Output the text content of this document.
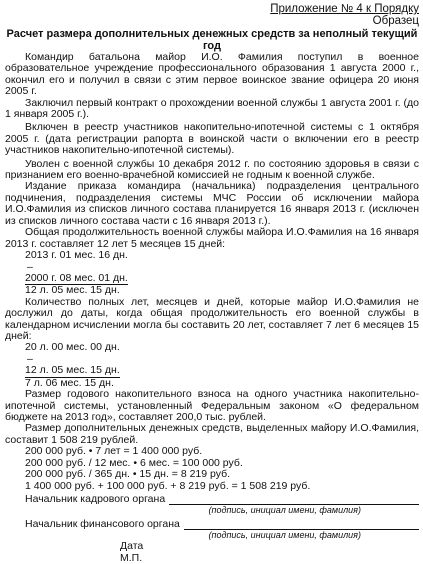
Приложение № 4 к Порядку
Образец
Расчет размера дополнительных денежных средств за неполный текущий год

Командир батальона майор И.О. Фамилия поступил в военное образовательное учреждение профессионального образования 1 августа 2000 г., окончил его и получил в связи с этим первое воинское звание офицера 20 июня 2005 г.

Заключил первый контракт о прохождении военной службы 1 августа 2001 г. (до 1 января 2005 г.).

Включен в реестр участников накопительно-ипотечной системы с 1 октября 2005 г. (дата регистрации рапорта в воинской части о включении его в реестр участников накопительно-ипотечной системы).

Уволен с военной службы 10 декабря 2012 г. по состоянию здоровья в связи с признанием его военно-врачебной комиссией не годным к военной службе.

Издание приказа командира (начальника) подразделения центрального подчинения, подразделения системы МЧС России об исключении майора И.О.Фамилия из списков личного состава планируется 16 января 2013 г. (исключен из списков личного состава части с 16 января 2013 г.).

Общая продолжительность военной службы майора И.О.Фамилия на 16 января 2013 г. составляет 12 лет 5 месяцев 15 дней:

2013 г. 01 мес. 16 дн.
–
2000 г. 08 мес. 01 дн.
12 л. 05 мес. 15 дн.

Количество полных лет, месяцев и дней, которые майор И.О.Фамилия не дослужил до даты, когда общая продолжительность его военной службы в календарном исчислении могла бы составить 20 лет, составляет 7 лет 6 месяцев 15 дней:

20 л. 00 мес. 00 дн.
–
12 л. 05 мес. 15 дн.
7 л. 06 мес. 15 дн.

Размер годового накопительного взноса на одного участника накопительно-ипотечной системы, установленный Федеральным законом «О федеральном бюджете на 2013 год», составляет 200,0 тыс. рублей.

Размер дополнительных денежных средств, выделенных майору И.О.Фамилия, составит 1 508 219 рублей.

200 000 руб. • 7 лет = 1 400 000 руб.
200 000 руб. / 12 мес. • 6 мес. = 100 000 руб.
200 000 руб. / 365 дн. • 15 дн. = 8 219 руб.
1 400 000 руб. + 100 000 руб. + 8 219 руб. = 1 508 219 руб.
Начальник кадрового органа
(подпись, инициал имени, фамилия)
Начальник финансового органа
(подпись, инициал имени, фамилия)
Дата
М.П.
